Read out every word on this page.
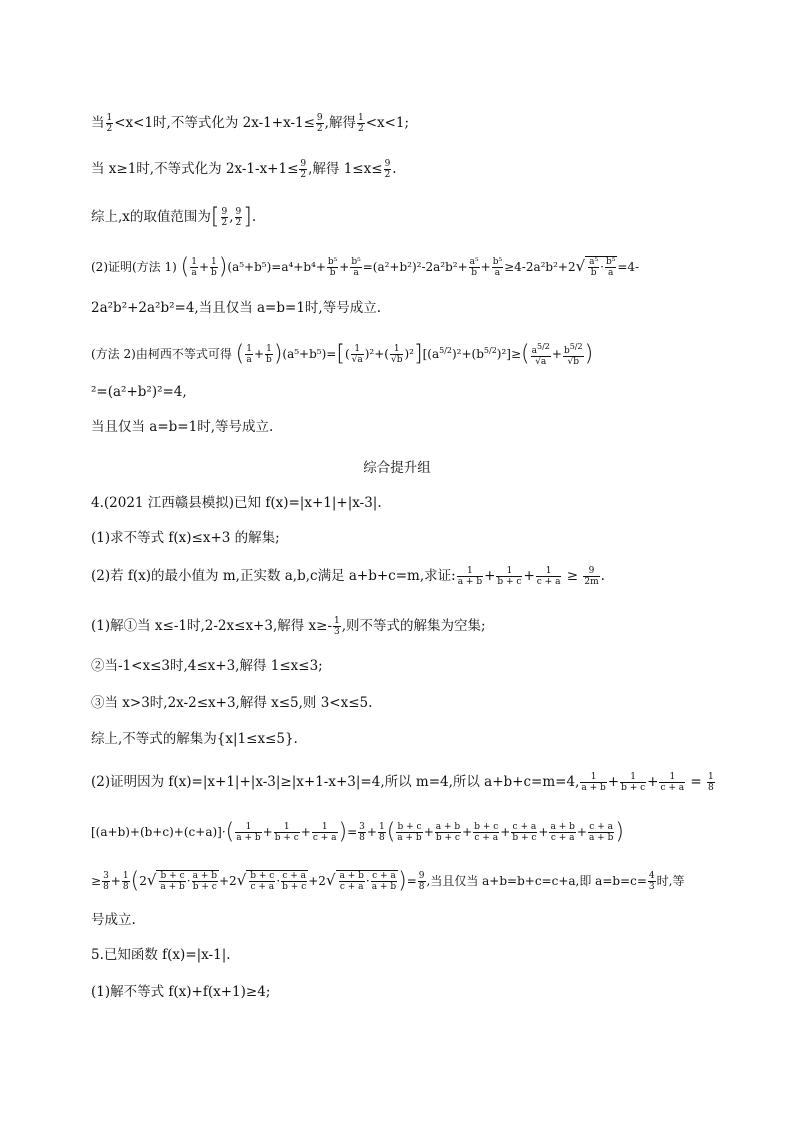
当 $\frac{1}{2} <x<1$时,不等式化为 $2x-1+x-1\le \frac{9}{2}$ ,解得 $\frac{1}{2} <x<1$;
当 x≥1时,不等式化为 $2x-1-x+1\le \frac{9}{2}$ ,解得 $1\le x\le \frac{9}{2}$ .
综上,x的取值范围为[ $\frac{9}{2}$ , $\frac{9}{2}$ ].
(2)证明(方法 1) ( $\frac{1}{a} + \frac{1}{b} )(a^5+b^5)=a^4+b^4+ \frac{\text{b⁵}}{b} + \frac{\text{b⁵}}{a} =(a^2+b^2)^2-2a^2b^2+ \frac{\text{a⁵}}{b} + \frac{\text{b⁵}}{a} \ge 4-2a^2b^2+2√ \frac{\text{a⁵}}{b} \cdot \frac{\text{b⁵}}{a} =4-$
2a²b²+2a²b²=4,当且仅当 a=b=1时,等号成立.
(方法 2)由柯西不等式可得 ( $\frac{1}{a} + \frac{1}{b} )(a^5+b^5)=[( \frac{1}{√a} )^2+( \frac{1}{√b} )^2][(a^{5/2})^2+(b^{5/2})^2]\ge( \frac{a5/2}{√a} + \frac{b5/2}{√b}$ )
²=(a²+b²)²=4,
当且仅当 a=b=1时,等号成立.
综合提升组
4.(2021 江西赣县模拟)已知 f(x)=|x+1|+|x-3|.
(1)求不等式 f(x)≤x+3 的解集;
(2)若 f(x)的最小值为 m,正实数 a,b,c满足 a+b+c=m,求证: $\frac{1}{a + b} + \frac{1}{b + c} + \frac{1}{c + a} \ge \frac{9}{2m}$ .
(1)解①当 x≤-1时,2-2x≤x+3,解得 $x\ge- \frac{1}{3}$ ,则不等式的解集为空集;
②当-1<x≤3时,4≤x+3,解得 1≤x≤3;
③当 x>3时,2x-2≤x+3,解得 x≤5,则 3<x≤5.
综上,不等式的解集为{x|1≤x≤5}.
(2)证明因为 f(x)=|x+1|+|x-3|≥|x+1-x+3|=4,所以 m=4,所以 a+b+c=m=4, $\frac{1}{a + b} + \frac{1}{b + c} + \frac{1}{c + a} = \frac{1}{8}$
$[(a+b)+(b+c)+(c+a)]\cdot( \frac{1}{a + b} + \frac{1}{b + c} + \frac{1}{c + a}$ )= $\frac{3}{8} + \frac{1}{8}$ ( $\frac{b + c}{a + b} + \frac{a + b}{b + c} + \frac{b + c}{c + a} + \frac{c + a}{b + c} + \frac{a + b}{c + a} + \frac{c + a}{a + b}$ )
≥ $\frac{3}{8} + \frac{1}{8} (2√ \frac{b + c}{a + b} \cdot \frac{a + b}{b + c} +2√ \frac{b + c}{c + a} \cdot \frac{c + a}{b + c} +2√ \frac{a + b}{c + a} \cdot \frac{c + a}{a + b}$ )= $\frac{9}{8}$ ,当且仅当 a+b=b+c=c+a,即 $a=b=c= \frac{4}{3}$ 时,等
号成立.
5.已知函数 f(x)=|x-1|.
(1)解不等式 f(x)+f(x+1)≥4;
